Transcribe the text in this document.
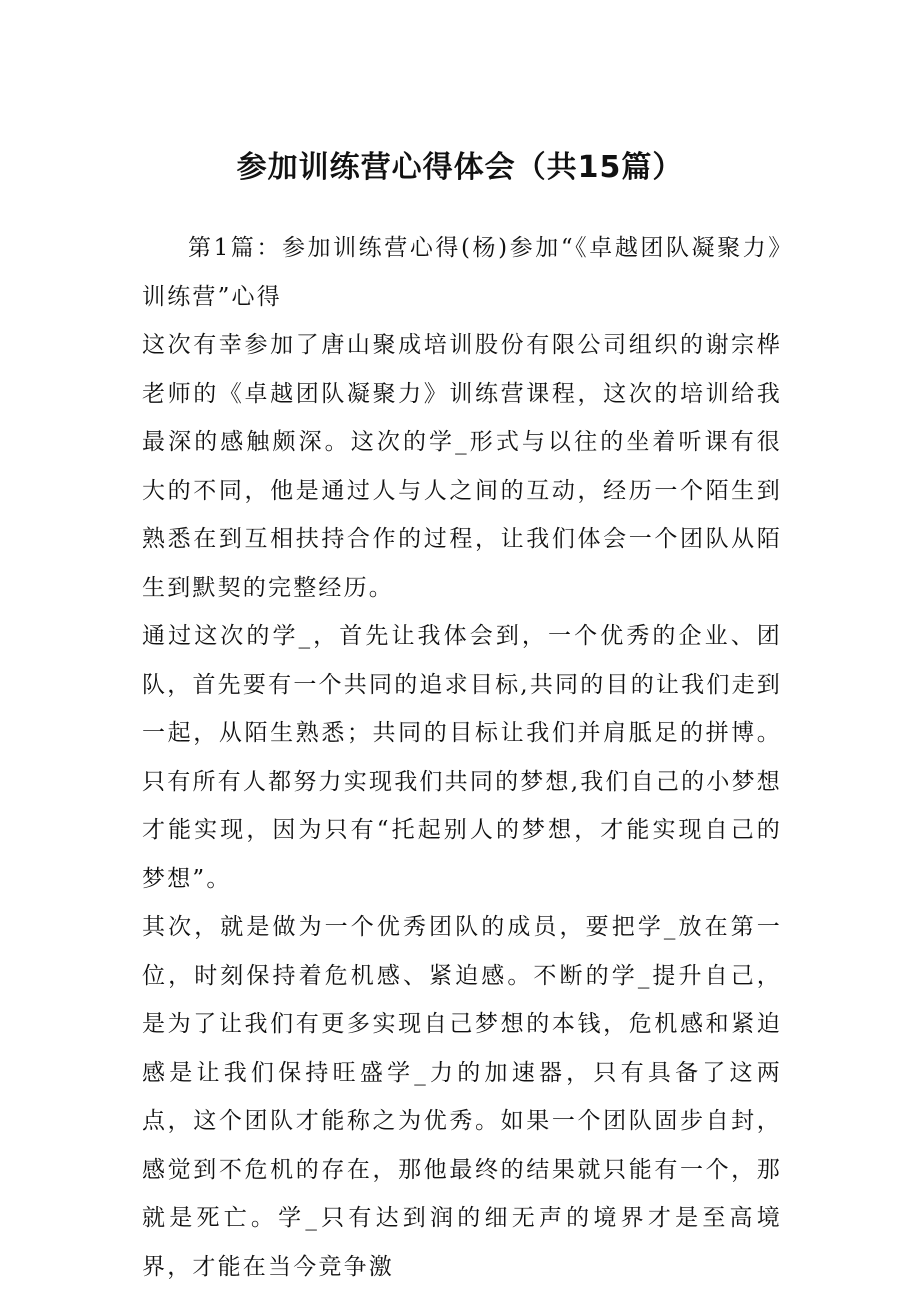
参加训练营心得体会（共15篇）

第1篇：参加训练营心得(杨)参加“《卓越团队凝聚力》训练营”心得

这次有幸参加了唐山聚成培训股份有限公司组织的谢宗桦老师的《卓越团队凝聚力》训练营课程，这次的培训给我最深的感触颇深。这次的学_形式与以往的坐着听课有很大的不同，他是通过人与人之间的互动，经历一个陌生到熟悉在到互相扶持合作的过程，让我们体会一个团队从陌生到默契的完整经历。

通过这次的学_，首先让我体会到，一个优秀的企业、团队，首先要有一个共同的追求目标,共同的目的让我们走到一起，从陌生熟悉；共同的目标让我们并肩胝足的拼博。只有所有人都努力实现我们共同的梦想,我们自己的小梦想才能实现，因为只有“托起别人的梦想，才能实现自己的梦想”。

其次，就是做为一个优秀团队的成员，要把学_放在第一位，时刻保持着危机感、紧迫感。不断的学_提升自己，是为了让我们有更多实现自己梦想的本钱，危机感和紧迫感是让我们保持旺盛学_力的加速器，只有具备了这两点，这个团队才能称之为优秀。如果一个团队固步自封，感觉到不危机的存在，那他最终的结果就只能有一个，那就是死亡。学_只有达到润的细无声的境界才是至高境界，才能在当今竞争激
